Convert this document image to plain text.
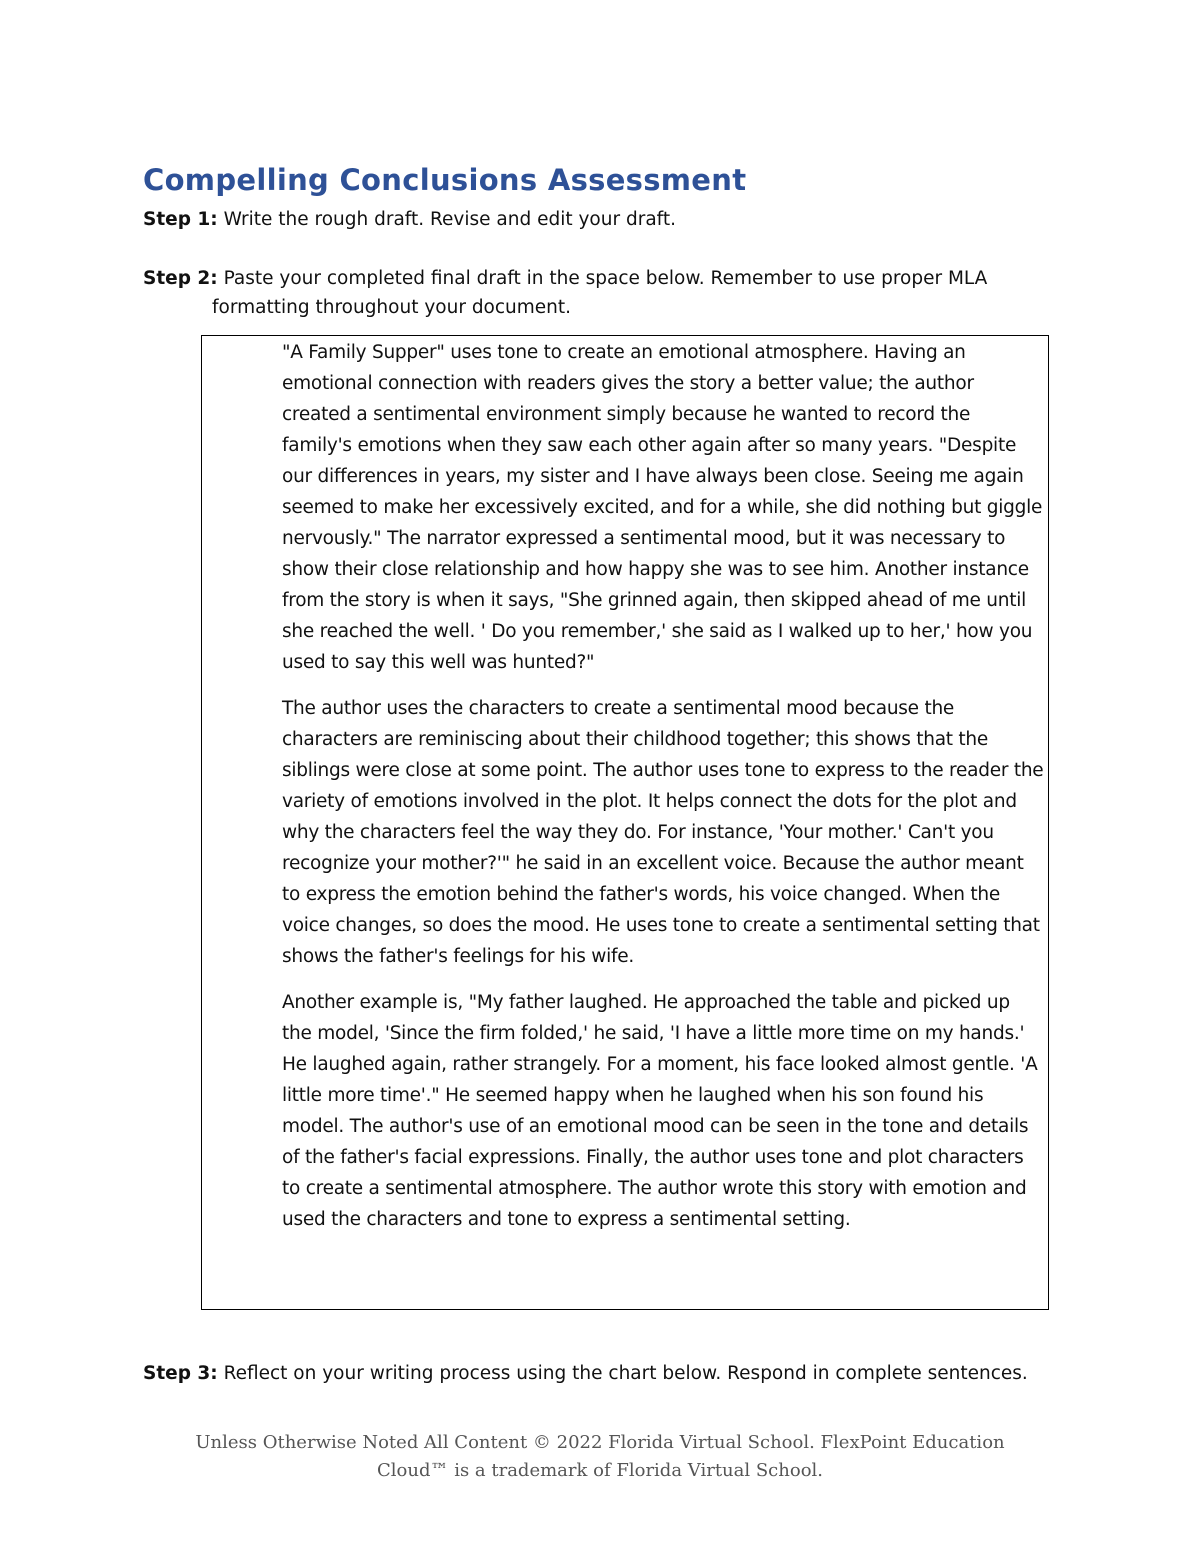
Compelling Conclusions Assessment
Step 1: Write the rough draft. Revise and edit your draft.
Step 2: Paste your completed final draft in the space below. Remember to use proper MLA
formatting throughout your document.

"A Family Supper" uses tone to create an emotional atmosphere. Having an emotional connection with readers gives the story a better value; the author created a sentimental environment simply because he wanted to record the family's emotions when they saw each other again after so many years. "Despite our differences in years, my sister and I have always been close. Seeing me again seemed to make her excessively excited, and for a while, she did nothing but giggle nervously." The narrator expressed a sentimental mood, but it was necessary to show their close relationship and how happy she was to see him. Another instance from the story is when it says, "She grinned again, then skipped ahead of me until she reached the well. ' Do you remember,' she said as I walked up to her,' how you used to say this well was hunted?"

The author uses the characters to create a sentimental mood because the characters are reminiscing about their childhood together; this shows that the siblings were close at some point. The author uses tone to express to the reader the variety of emotions involved in the plot. It helps connect the dots for the plot and why the characters feel the way they do. For instance, 'Your mother.' Can't you recognize your mother?'" he said in an excellent voice. Because the author meant to express the emotion behind the father's words, his voice changed. When the voice changes, so does the mood. He uses tone to create a sentimental setting that shows the father's feelings for his wife.

Another example is, "My father laughed. He approached the table and picked up the model, 'Since the firm folded,' he said, 'I have a little more time on my hands.' He laughed again, rather strangely. For a moment, his face looked almost gentle. 'A little more time'." He seemed happy when he laughed when his son found his model. The author's use of an emotional mood can be seen in the tone and details of the father's facial expressions. Finally, the author uses tone and plot characters to create a sentimental atmosphere. The author wrote this story with emotion and used the characters and tone to express a sentimental setting.

Step 3: Reflect on your writing process using the chart below. Respond in complete sentences.
Unless Otherwise Noted All Content © 2022 Florida Virtual School. FlexPoint Education
Cloud™ is a trademark of Florida Virtual School.
